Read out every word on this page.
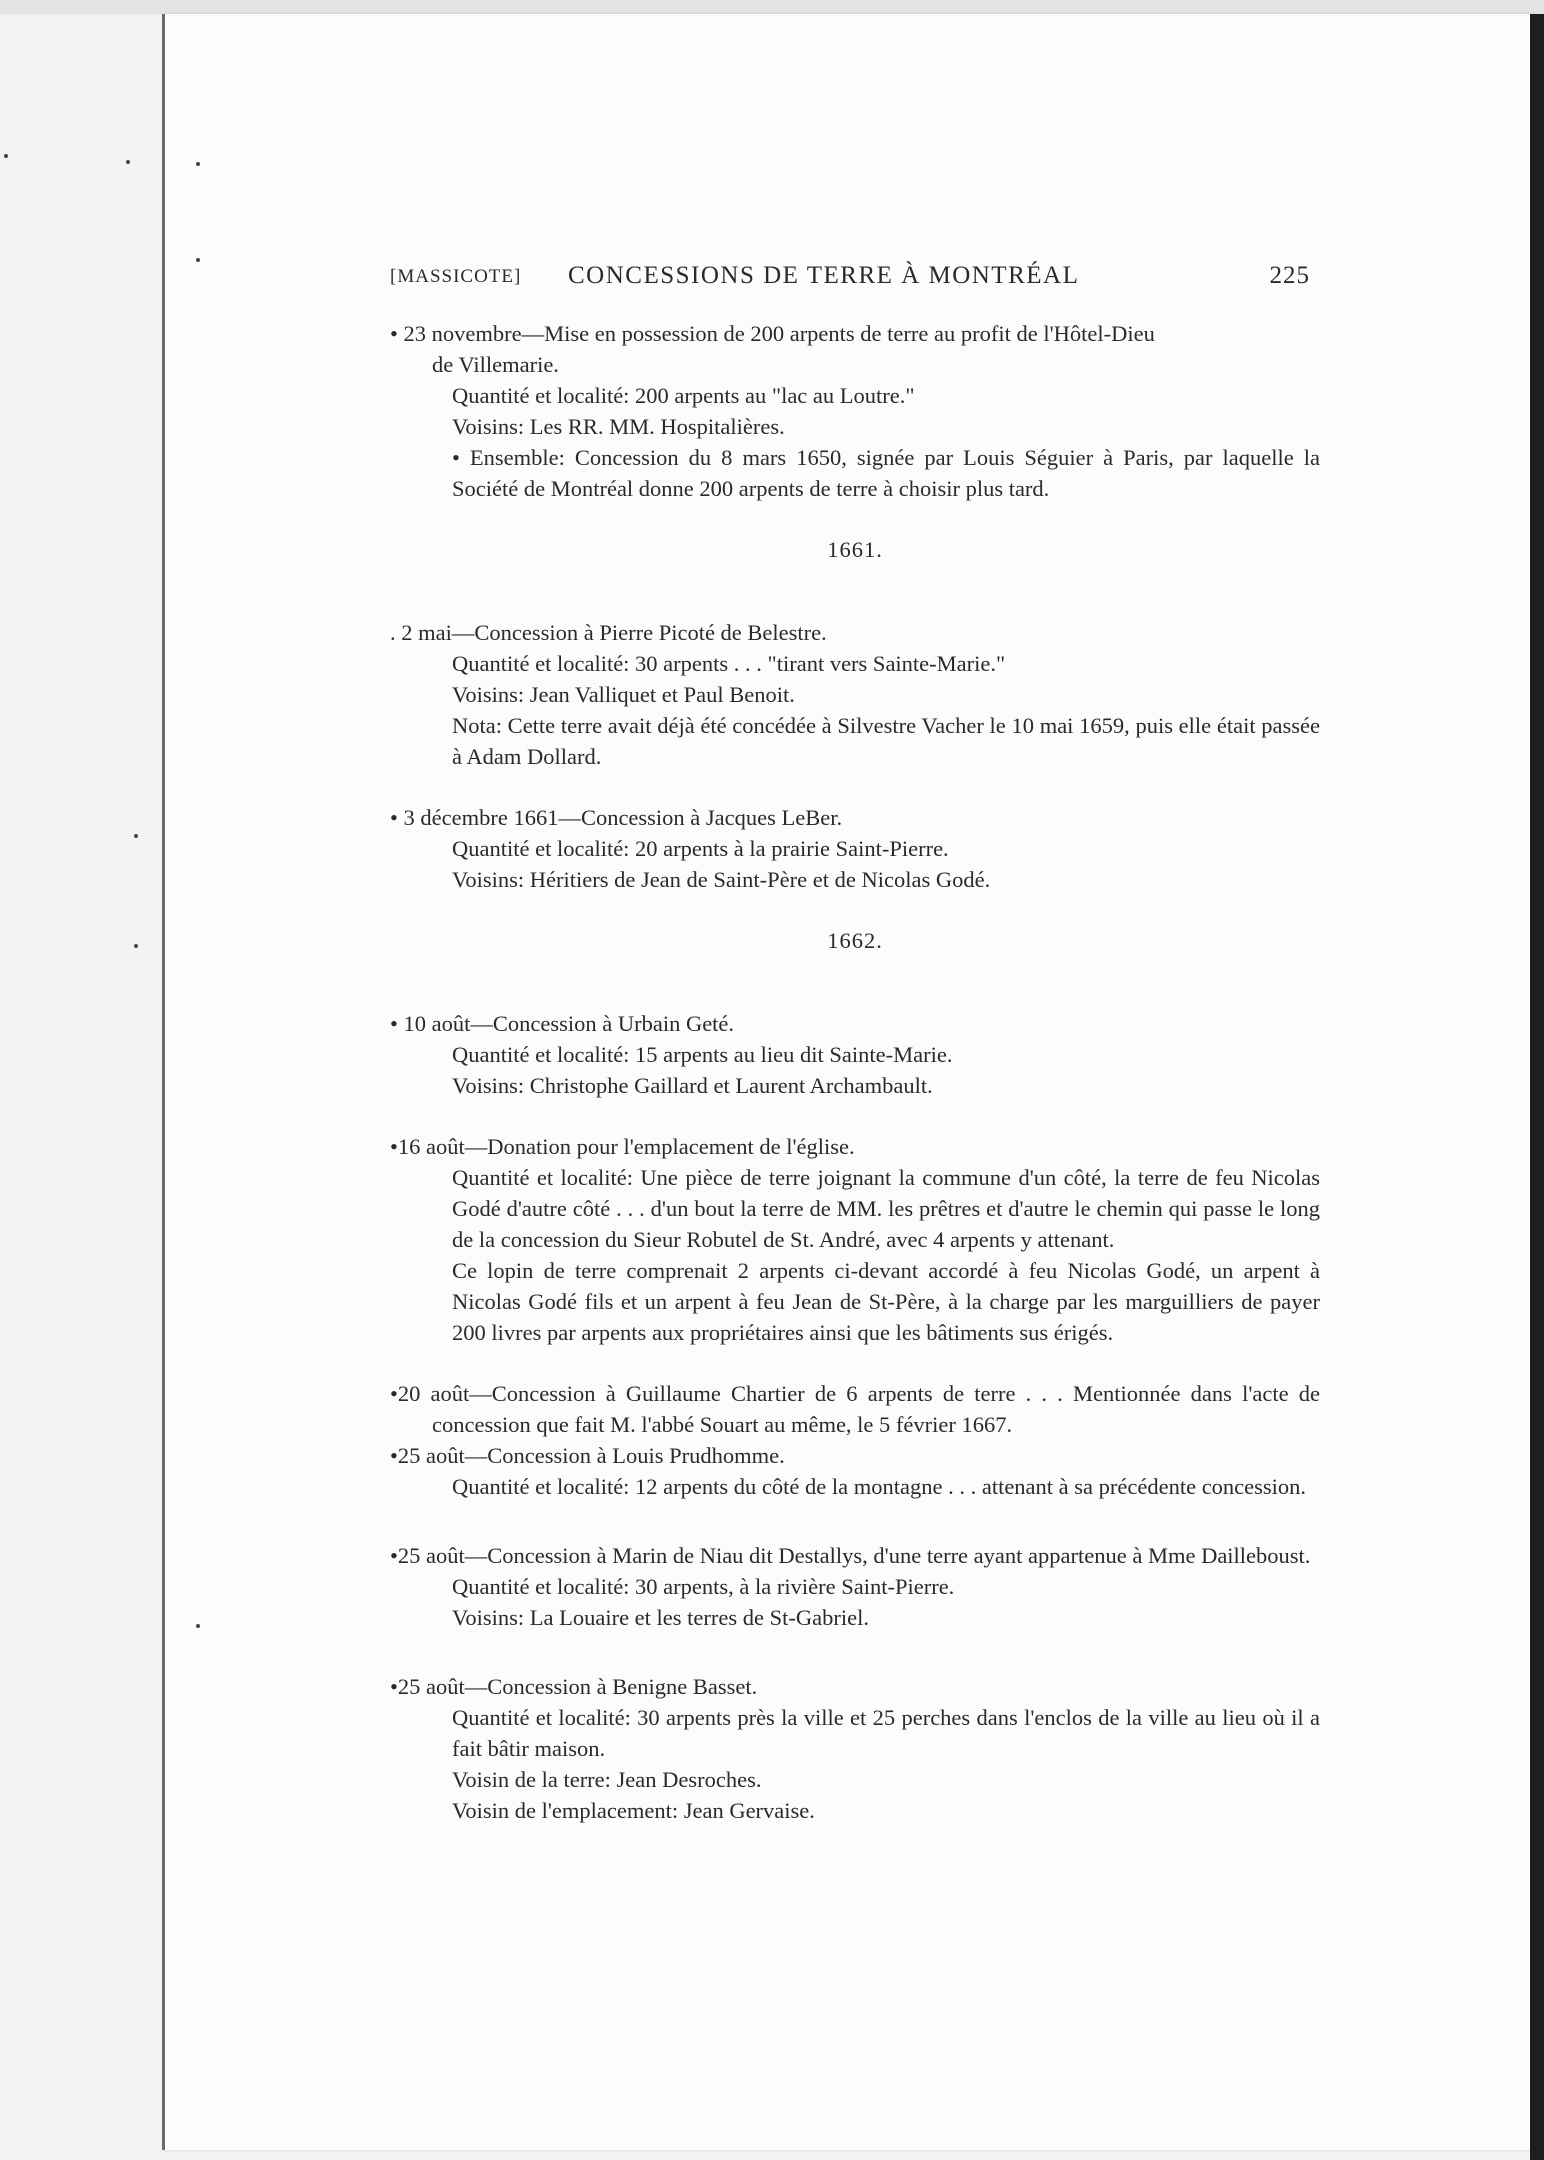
[MASSICOTE] CONCESSIONS DE TERRE À MONTRÉAL	225
• 23 novembre—Mise en possession de 200 arpents de terre au profit de l'Hôtel-Dieu
de Villemarie.
Quantité et localité: 200 arpents au "lac au Loutre."
Voisins: Les RR. MM. Hospitalières.
• Ensemble: Concession du 8 mars 1650, signée par Louis Séguier à Paris, par laquelle la Société de Montréal donne 200 arpents de terre à choisir plus tard.
1661.
. 2 mai—Concession à Pierre Picoté de Belestre.
Quantité et localité: 30 arpents . . . "tirant vers Sainte-Marie."
Voisins: Jean Valliquet et Paul Benoit.
Nota: Cette terre avait déjà été concédée à Silvestre Vacher le 10 mai 1659, puis elle était passée à Adam Dollard.
• 3 décembre 1661—Concession à Jacques LeBer.
Quantité et localité: 20 arpents à la prairie Saint-Pierre.
Voisins: Héritiers de Jean de Saint-Père et de Nicolas Godé.
1662.
• 10 août—Concession à Urbain Geté.
Quantité et localité: 15 arpents au lieu dit Sainte-Marie.
Voisins: Christophe Gaillard et Laurent Archambault.
•16 août—Donation pour l'emplacement de l'église.
Quantité et localité: Une pièce de terre joignant la commune d'un côté, la terre de feu Nicolas Godé d'autre côté . . . d'un bout la terre de MM. les prêtres et d'autre le chemin qui passe le long de la concession du Sieur Robutel de St. André, avec 4 arpents y attenant.
Ce lopin de terre comprenait 2 arpents ci-devant accordé à feu Nicolas Godé, un arpent à Nicolas Godé fils et un arpent à feu Jean de St-Père, à la charge par les marguilliers de payer 200 livres par arpents aux propriétaires ainsi que les bâtiments sus érigés.
•20 août—Concession à Guillaume Chartier de 6 arpents de terre . . . Mentionnée dans l'acte de concession que fait M. l'abbé Souart au même, le 5 février 1667.
•25 août—Concession à Louis Prudhomme.
Quantité et localité: 12 arpents du côté de la montagne . . . attenant à sa précédente concession.
•25 août—Concession à Marin de Niau dit Destallys, d'une terre ayant appartenue à Mme Dailleboust.
Quantité et localité: 30 arpents, à la rivière Saint-Pierre.
Voisins: La Louaire et les terres de St-Gabriel.
•25 août—Concession à Benigne Basset.
Quantité et localité: 30 arpents près la ville et 25 perches dans l'enclos de la ville au lieu où il a fait bâtir maison.
Voisin de la terre: Jean Desroches.
Voisin de l'emplacement: Jean Gervaise.
